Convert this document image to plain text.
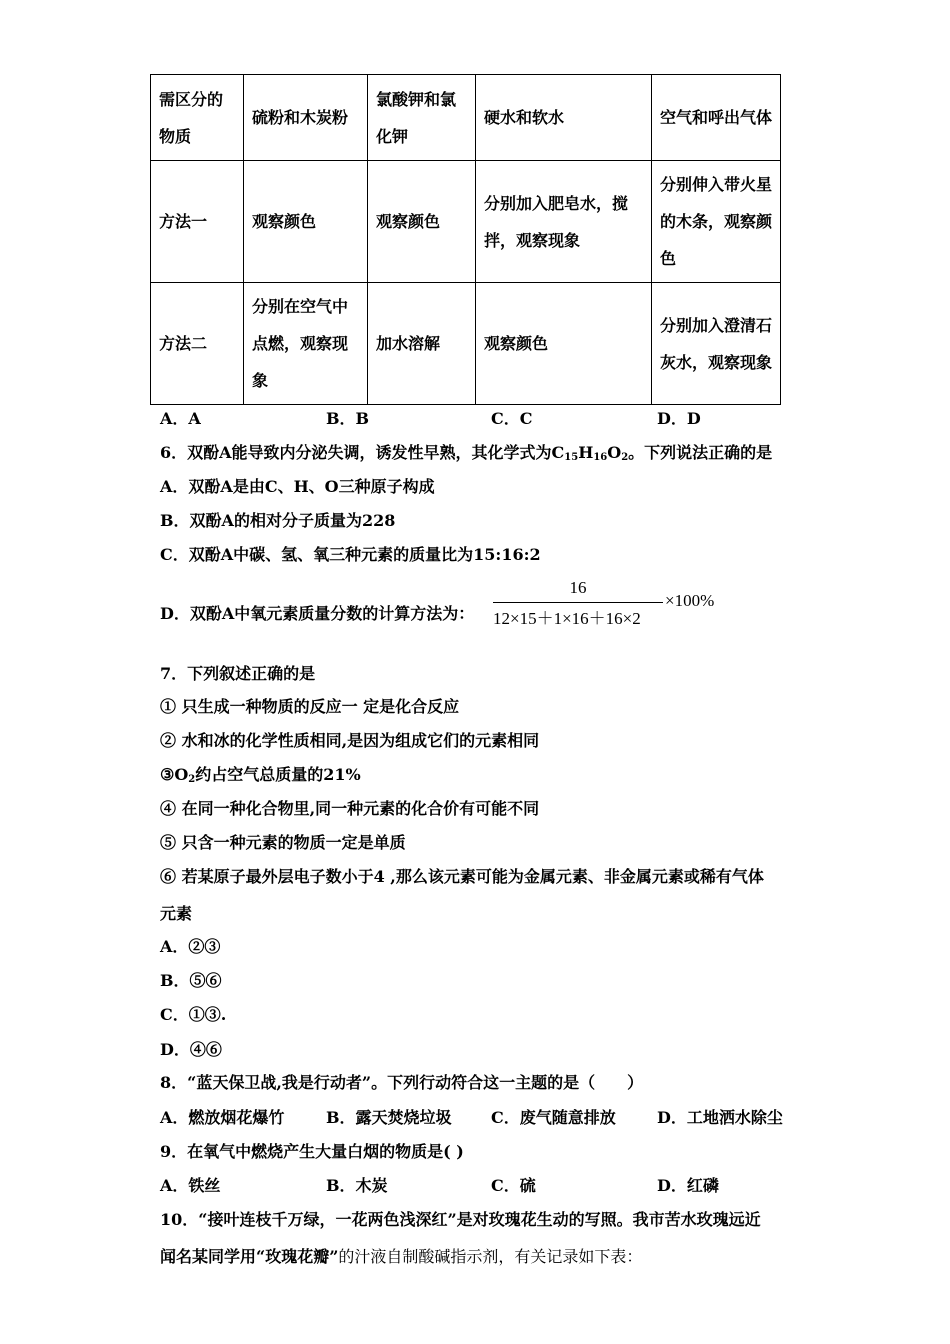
需区分的物质	硫粉和木炭粉	氯酸钾和氯化钾	硬水和软水	空气和呼出气体
方法一	观察颜色	观察颜色	分别加入肥皂水，搅拌，观察现象	分别伸入带火星的木条，观察颜色
方法二	分别在空气中点燃，观察现象	加水溶解	观察颜色	分别加入澄清石灰水，观察现象
A．A	B．B	C．C	D．D
6．双酚A能导致内分泌失调，诱发性早熟，其化学式为$C_{15}H_{16}O_2$。下列说法正确的是
A．双酚A是由C、H、O三种原子构成
B．双酚A的相对分子质量为228
C．双酚A中碳、氢、氧三种元素的质量比为15:16:2
D．双酚A中氧元素质量分数的计算方法为：
16
12×15＋1×16＋16×2
×100%
7．下列叙述正确的是
① 只生成一种物质的反应一 定是化合反应
② 水和冰的化学性质相同,是因为组成它们的元素相同
$③O_2$约占空气总质量的21%
④ 在同一种化合物里,同一种元素的化合价有可能不同
⑤ 只含一种元素的物质一定是单质
⑥ 若某原子最外层电子数小于4 ,那么该元素可能为金属元素、非金属元素或稀有气体
元素
A．②③
B．⑤⑥
C．①③.
D．④⑥
8．“蓝天保卫战,我是行动者”。下列行动符合这一主题的是（　　）
A．燃放烟花爆竹	B．露天焚烧垃圾 C．废气随意排放	D．工地洒水除尘
9．在氧气中燃烧产生大量白烟的物质是( )
A．铁丝	B．木炭	C．硫	D．红磷
10．“接叶连枝千万绿，一花两色浅深红”是对玫瑰花生动的写照。我市苦水玫瑰远近
闻名某同学用“玫瑰花瓣”的汁液自制酸碱指示剂，有关记录如下表：
